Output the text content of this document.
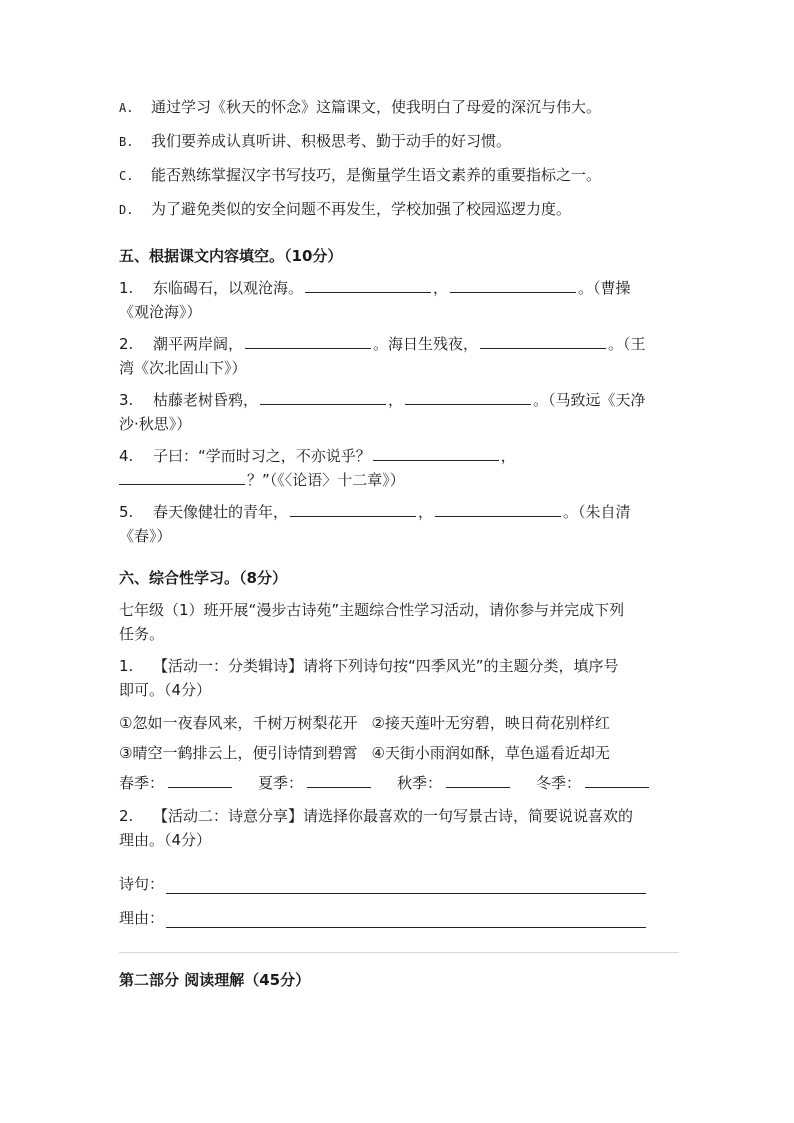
A. 通过学习《秋天的怀念》这篇课文，使我明白了母爱的深沉与伟大。
B. 我们要养成认真听讲、积极思考、勤于动手的好习惯。
C. 能否熟练掌握汉字书写技巧，是衡量学生语文素养的重要指标之一。
D. 为了避免类似的安全问题不再发生，学校加强了校园巡逻力度。
五、根据课文内容填空。（10分）
1. 东临碣石，以观沧海。	，	。（曹操
《观沧海》）
2. 潮平两岸阔，	。海日生残夜，	。（王
湾《次北固山下》）
3. 枯藤老树昏鸦，	，	。（马致远《天净
沙·秋思》）
4. 子曰：“学而时习之，不亦说乎？	，
？”（《〈论语〉十二章》）
5. 春天像健壮的青年，	，	。（朱自清
《春》）
六、综合性学习。（8分）
七年级（1）班开展“漫步古诗苑”主题综合性学习活动，请你参与并完成下列
任务。
1. 【活动一：分类辑诗】请将下列诗句按“四季风光”的主题分类，填序号
即可。（4分）
①忽如一夜春风来，千树万树梨花开 ②接天莲叶无穷碧，映日荷花别样红
③晴空一鹤排云上，便引诗情到碧霄 ④天街小雨润如酥，草色遥看近却无
春季：	夏季：	秋季：	冬季：
2. 【活动二：诗意分享】请选择你最喜欢的一句写景古诗，简要说说喜欢的
理由。（4分）
诗句：
理由：
第二部分 阅读理解（45分）
